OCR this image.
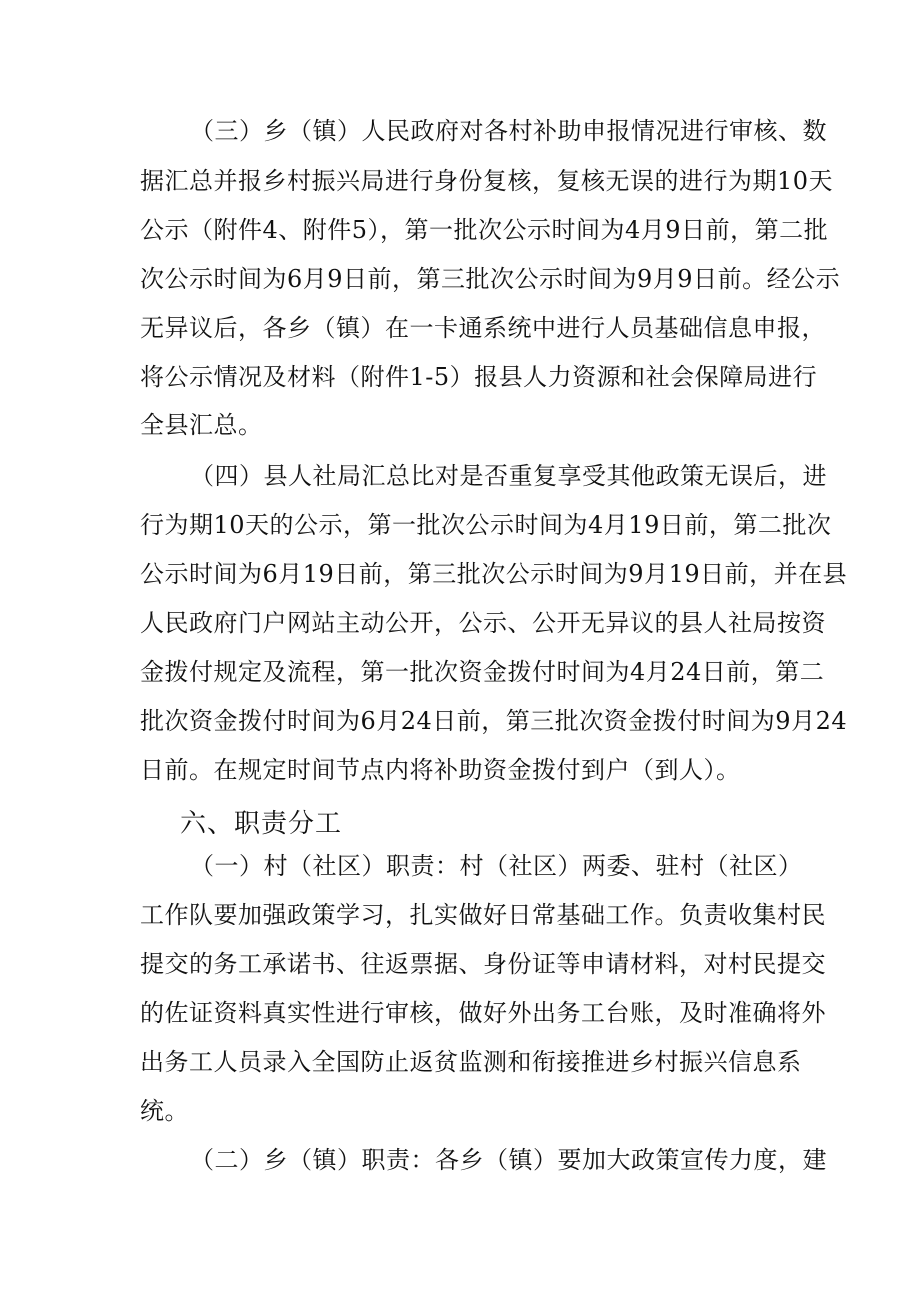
（三）乡（镇）人民政府对各村补助申报情况进行审核、数
据汇总并报乡村振兴局进行身份复核，复核无误的进行为期10天
公示（附件4、附件5），第一批次公示时间为4月9日前，第二批
次公示时间为6月9日前，第三批次公示时间为9月9日前。经公示
无异议后，各乡（镇）在一卡通系统中进行人员基础信息申报，
将公示情况及材料（附件1-5）报县人力资源和社会保障局进行
全县汇总。
（四）县人社局汇总比对是否重复享受其他政策无误后，进
行为期10天的公示，第一批次公示时间为4月19日前，第二批次
公示时间为6月19日前，第三批次公示时间为9月19日前，并在县
人民政府门户网站主动公开，公示、公开无异议的县人社局按资
金拨付规定及流程，第一批次资金拨付时间为4月24日前，第二
批次资金拨付时间为6月24日前，第三批次资金拨付时间为9月24
日前。在规定时间节点内将补助资金拨付到户（到人）。
六、职责分工
（一）村（社区）职责：村（社区）两委、驻村（社区）
工作队要加强政策学习，扎实做好日常基础工作。负责收集村民
提交的务工承诺书、往返票据、身份证等申请材料，对村民提交
的佐证资料真实性进行审核，做好外出务工台账，及时准确将外
出务工人员录入全国防止返贫监测和衔接推进乡村振兴信息系
统。
（二）乡（镇）职责：各乡（镇）要加大政策宣传力度，建
